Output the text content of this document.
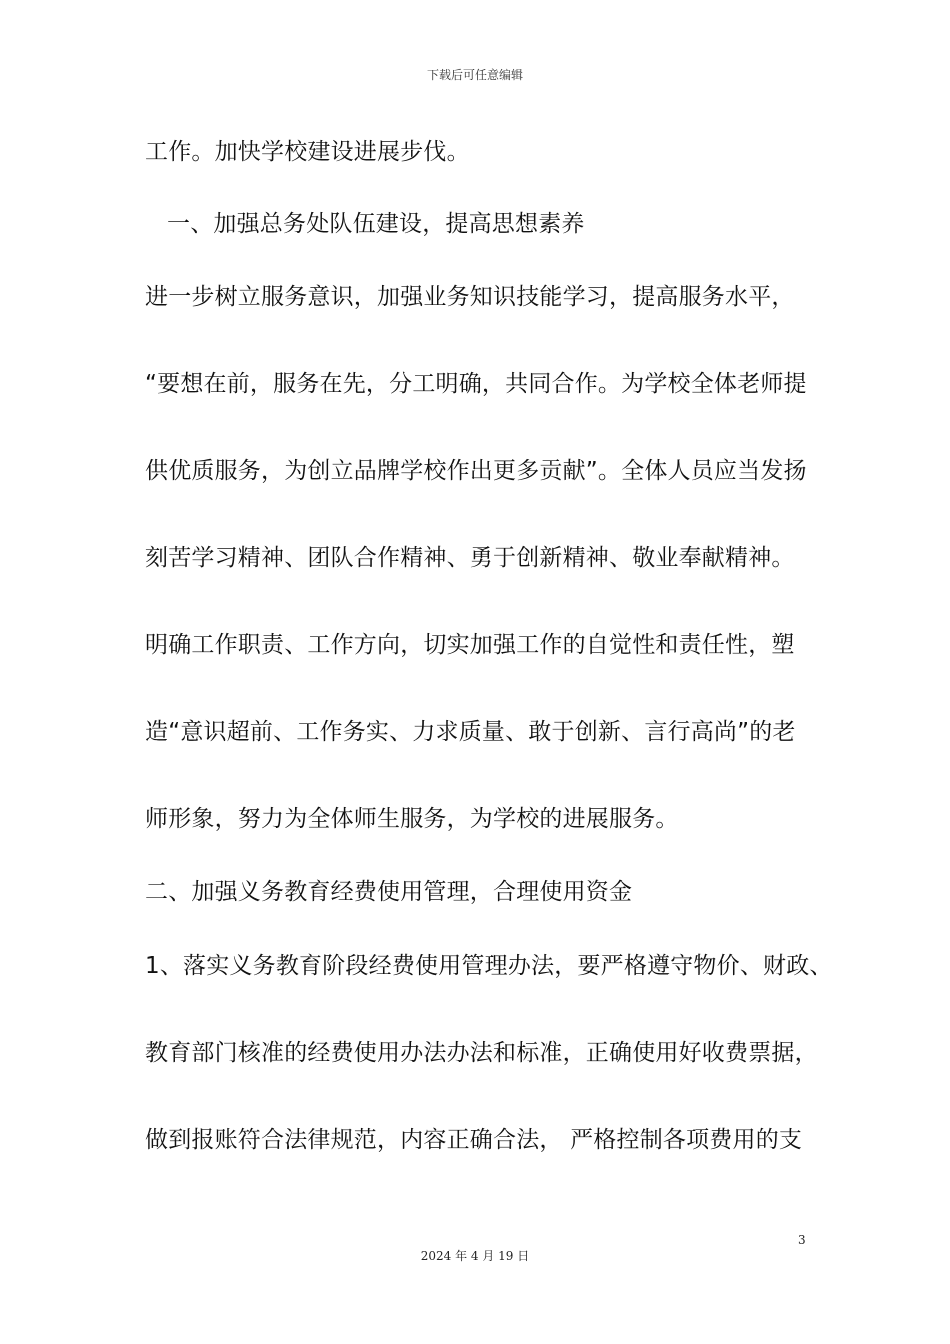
下载后可任意编辑
工作。加快学校建设进展步伐。
一、加强总务处队伍建设，提高思想素养
进一步树立服务意识，加强业务知识技能学习，提高服务水平，
“要想在前，服务在先，分工明确，共同合作。为学校全体老师提
供优质服务，为创立品牌学校作出更多贡献”。全体人员应当发扬
刻苦学习精神、团队合作精神、勇于创新精神、敬业奉献精神。
明确工作职责、工作方向，切实加强工作的自觉性和责任性，塑
造“意识超前、工作务实、力求质量、敢于创新、言行高尚”的老
师形象，努力为全体师生服务，为学校的进展服务。
二、加强义务教育经费使用管理，合理使用资金
1、落实义务教育阶段经费使用管理办法，要严格遵守物价、财政、
教育部门核准的经费使用办法办法和标准，正确使用好收费票据，
做到报账符合法律规范，内容正确合法， 严格控制各项费用的支
3
2024 年 4 月 19 日
